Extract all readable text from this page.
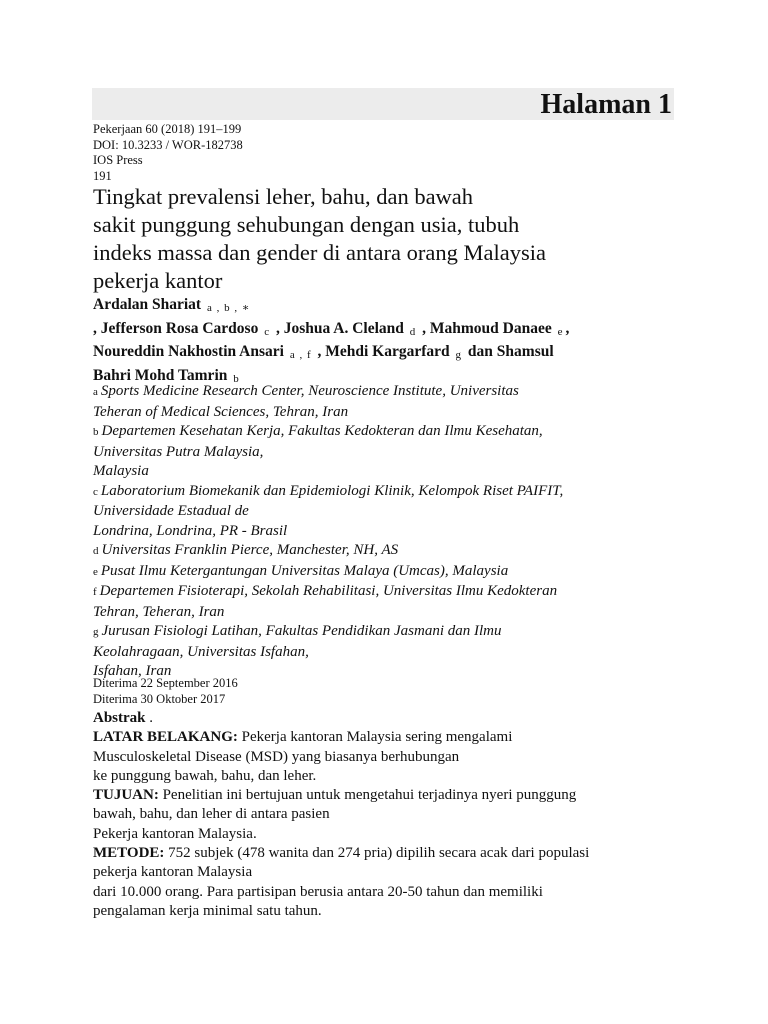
Halaman 1
Pekerjaan 60 (2018) 191–199
DOI: 10.3233 / WOR-182738
IOS Press
191
Tingkat prevalensi leher, bahu, dan bawah
sakit punggung sehubungan dengan usia, tubuh
indeks massa dan gender di antara orang Malaysia
pekerja kantor
Ardalan Shariat a , b , ∗
, Jefferson Rosa Cardoso c , Joshua A. Cleland d , Mahmoud Danaee e ,
Noureddin Nakhostin Ansari a , f , Mehdi Kargarfard g dan Shamsul
Bahri Mohd Tamrin b
a Sports Medicine Research Center, Neuroscience Institute, Universitas
Teheran of Medical Sciences, Tehran, Iran
b Departemen Kesehatan Kerja, Fakultas Kedokteran dan Ilmu Kesehatan,
Universitas Putra Malaysia,
Malaysia
c Laboratorium Biomekanik dan Epidemiologi Klinik, Kelompok Riset PAIFIT,
Universidade Estadual de
Londrina, Londrina, PR - Brasil
d Universitas Franklin Pierce, Manchester, NH, AS
e Pusat Ilmu Ketergantungan Universitas Malaya (Umcas), Malaysia
f Departemen Fisioterapi, Sekolah Rehabilitasi, Universitas Ilmu Kedokteran
Tehran, Teheran, Iran
g Jurusan Fisiologi Latihan, Fakultas Pendidikan Jasmani dan Ilmu
Keolahragaan, Universitas Isfahan,
Isfahan, Iran
Diterima 22 September 2016
Diterima 30 Oktober 2017
Abstrak .
LATAR BELAKANG: Pekerja kantoran Malaysia sering mengalami
Musculoskeletal Disease (MSD) yang biasanya berhubungan
ke punggung bawah, bahu, dan leher.
TUJUAN: Penelitian ini bertujuan untuk mengetahui terjadinya nyeri punggung
bawah, bahu, dan leher di antara pasien
Pekerja kantoran Malaysia.
METODE: 752 subjek (478 wanita dan 274 pria) dipilih secara acak dari populasi
pekerja kantoran Malaysia
dari 10.000 orang. Para partisipan berusia antara 20-50 tahun dan memiliki
pengalaman kerja minimal satu tahun.
